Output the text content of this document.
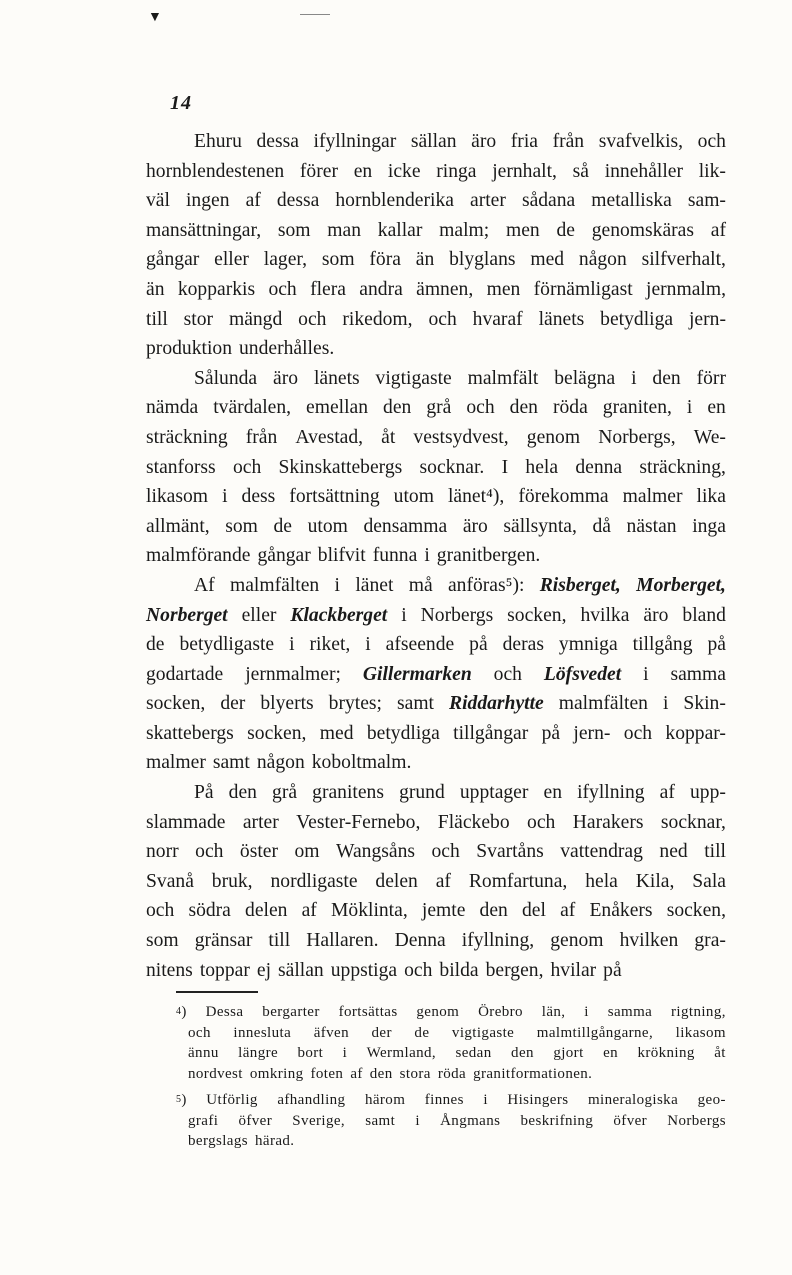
▼
14
Ehuru dessa ifyllningar sällan äro fria från svafvelkis, och
hornblendestenen förer en icke ringa jernhalt, så innehåller lik-
väl ingen af dessa hornblenderika arter sådana metalliska sam-
mansättningar, som man kallar malm; men de genomskäras af
gångar eller lager, som föra än blyglans med någon silfverhalt,
än kopparkis och flera andra ämnen, men förnämligast jernmalm,
till stor mängd och rikedom, och hvaraf länets betydliga jern-
produktion underhålles.
Sålunda äro länets vigtigaste malmfält belägna i den förr
nämda tvärdalen, emellan den grå och den röda graniten, i en
sträckning från Avestad, åt vestsydvest, genom Norbergs, We-
stanforss och Skinskattebergs socknar. I hela denna sträckning,
likasom i dess fortsättning utom länet⁴), förekomma malmer lika
allmänt, som de utom densamma äro sällsynta, då nästan inga
malmförande gångar blifvit funna i granitbergen.
Af malmfälten i länet må anföras⁵): Risberget, Morberget,
Norberget eller Klackberget i Norbergs socken, hvilka äro bland
de betydligaste i riket, i afseende på deras ymniga tillgång på
godartade jernmalmer; Gillermarken och Löfsvedet i samma
socken, der blyerts brytes; samt Riddarhytte malmfälten i Skin-
skattebergs socken, med betydliga tillgångar på jern- och koppar-
malmer samt någon koboltmalm.
På den grå granitens grund upptager en ifyllning af upp-
slammade arter Vester-Fernebo, Fläckebo och Harakers socknar,
norr och öster om Wangsåns och Svartåns vattendrag ned till
Svanå bruk, nordligaste delen af Romfartuna, hela Kila, Sala
och södra delen af Möklinta, jemte den del af Enåkers socken,
som gränsar till Hallaren. Denna ifyllning, genom hvilken gra-
nitens toppar ej sällan uppstiga och bilda bergen, hvilar på
$^4$) Dessa bergarter fortsättas genom Örebro län, i samma rigtning,
och innesluta äfven der de vigtigaste malmtillgångarne, likasom
ännu längre bort i Wermland, sedan den gjort en krökning åt
nordvest omkring foten af den stora röda granitformationen.
$^5$) Utförlig afhandling härom finnes i Hisingers mineralogiska geo-
grafi öfver Sverige, samt i Ångmans beskrifning öfver Norbergs
bergslags härad.
